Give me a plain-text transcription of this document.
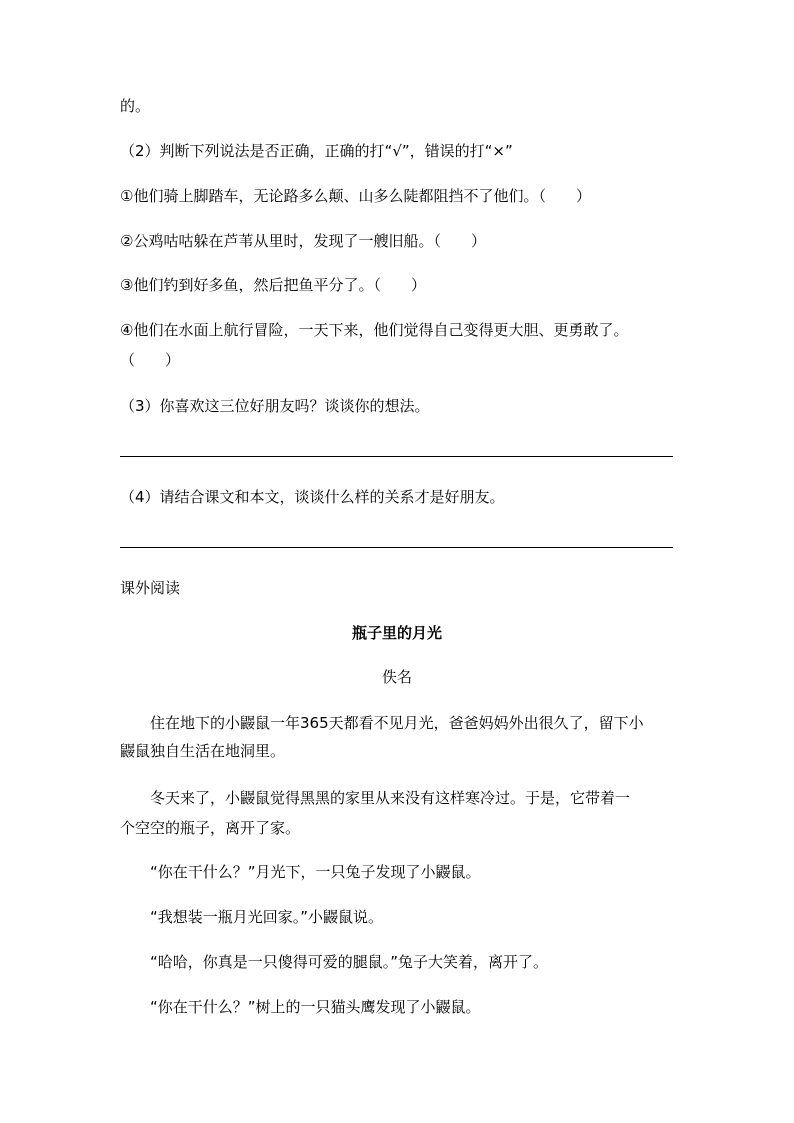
的。
（2）判断下列说法是否正确，正确的打“√”，错误的打“×”
①他们骑上脚踏车，无论路多么颠、山多么陡都阻挡不了他们。（　　）
②公鸡咕咕躲在芦苇从里时，发现了一艘旧船。（　　）
③他们钓到好多鱼，然后把鱼平分了。（　　）
④他们在水面上航行冒险，一天下来，他们觉得自己变得更大胆、更勇敢了。
（　　）
（3）你喜欢这三位好朋友吗？谈谈你的想法。
（4）请结合课文和本文，谈谈什么样的关系才是好朋友。
课外阅读
瓶子里的月光
佚名
住在地下的小鼹鼠一年365天都看不见月光，爸爸妈妈外出很久了，留下小
鼹鼠独自生活在地洞里。
冬天来了，小鼹鼠觉得黑黑的家里从来没有这样寒冷过。于是，它带着一
个空空的瓶子，离开了家。
“你在干什么？”月光下，一只兔子发现了小鼹鼠。
“我想装一瓶月光回家。”小鼹鼠说。
“哈哈，你真是一只傻得可爱的腿鼠。”兔子大笑着，离开了。
“你在干什么？”树上的一只猫头鹰发现了小鼹鼠。
